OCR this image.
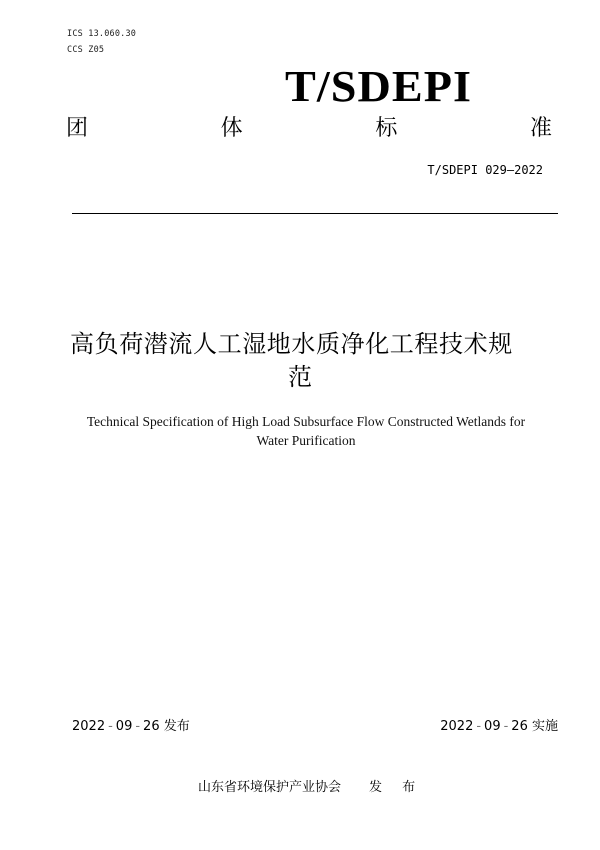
ICS 13.060.30
CCS Z05
T/SDEPI
团	体	标	准
T/SDEPI 029—2022
高负荷潜流人工湿地水质净化工程技术规
范
Technical Specification of High Load Subsurface Flow Constructed Wetlands for Water Purification
2022 - 09 - 26 发布	2022 - 09 - 26 实施
山东省环境保护产业协会 发 布
